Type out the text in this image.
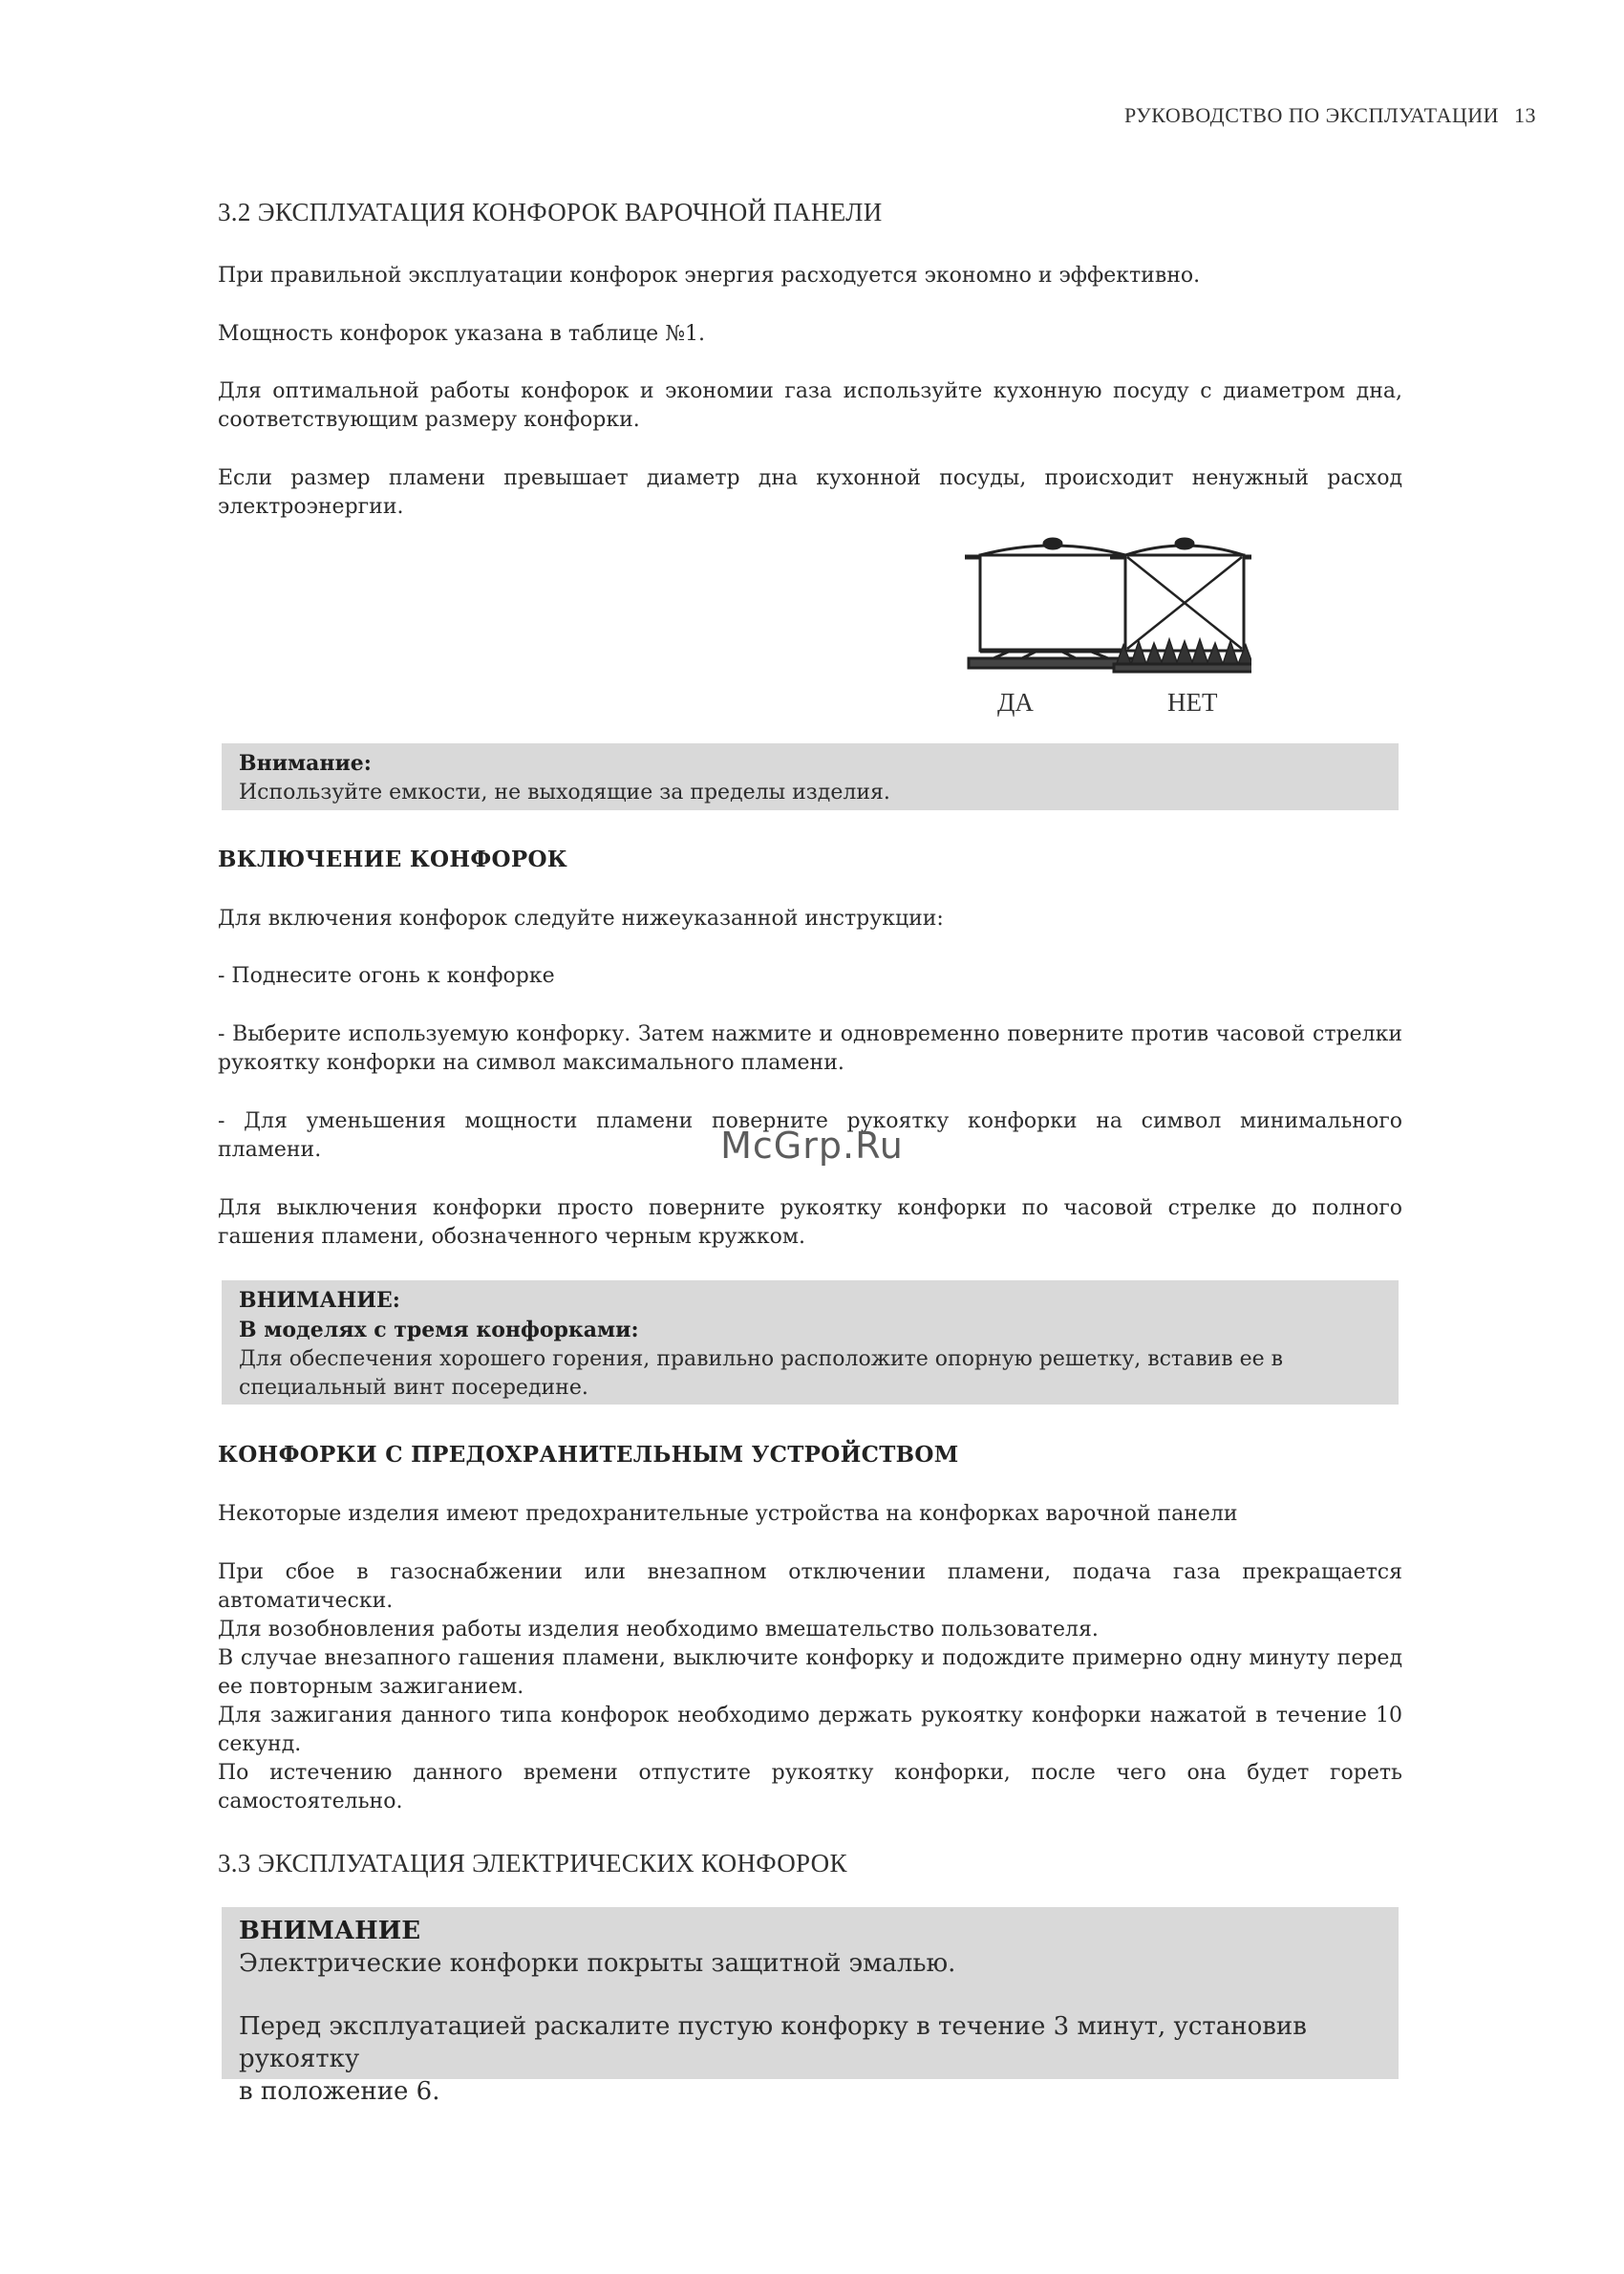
РУКОВОДСТВО ПО ЭКСПЛУАТАЦИИ 13
3.2 ЭКСПЛУАТАЦИЯ КОНФОРОК ВАРОЧНОЙ ПАНЕЛИ
При правильной эксплуатации конфорок энергия расходуется экономно и эффективно.
Мощность конфорок указана в таблице №1.
Для оптимальной работы конфорок и экономии газа используйте кухонную посуду с диаметром дна,
соответствующим размеру конфорки.
Если размер пламени превышает диаметр дна кухонной посуды, происходит ненужный расход
электроэнергии.
ДА	НЕТ
Внимание:
Используйте емкости, не выходящие за пределы изделия.
ВКЛЮЧЕНИЕ КОНФОРОК
Для включения конфорок следуйте нижеуказанной инструкции:
- Поднесите огонь к конфорке
- Выберите используемую конфорку. Затем нажмите и одновременно поверните против часовой стрелки
рукоятку конфорки на символ максимального пламени.
- Для уменьшения мощности пламени поверните рукоятку конфорки на символ минимального
пламени.	McGrp.Ru
Для выключения конфорки просто поверните рукоятку конфорки по часовой стрелке до полного
гашения пламени, обозначенного черным кружком.
ВНИМАНИЕ:
В моделях с тремя конфорками:
Для обеспечения хорошего горения, правильно расположите опорную решетку, вставив ее в
специальный винт посередине.
КОНФОРКИ С ПРЕДОХРАНИТЕЛЬНЫМ УСТРОЙСТВОМ
Некоторые изделия имеют предохранительные устройства на конфорках варочной панели
При сбое в газоснабжении или внезапном отключении пламени, подача газа прекращается
автоматически.
Для возобновления работы изделия необходимо вмешательство пользователя.
В случае внезапного гашения пламени, выключите конфорку и подождите примерно одну минуту перед
ее повторным зажиганием.
Для зажигания данного типа конфорок необходимо держать рукоятку конфорки нажатой в течение 10
секунд.
По истечению данного времени отпустите рукоятку конфорки, после чего она будет гореть
самостоятельно.
3.3 ЭКСПЛУАТАЦИЯ ЭЛЕКТРИЧЕСКИХ КОНФОРОК
ВНИМАНИЕ
Электрические конфорки покрыты защитной эмалью.

Перед эксплуатацией раскалите пустую конфорку в течение 3 минут, установив рукоятку
в положение 6.
